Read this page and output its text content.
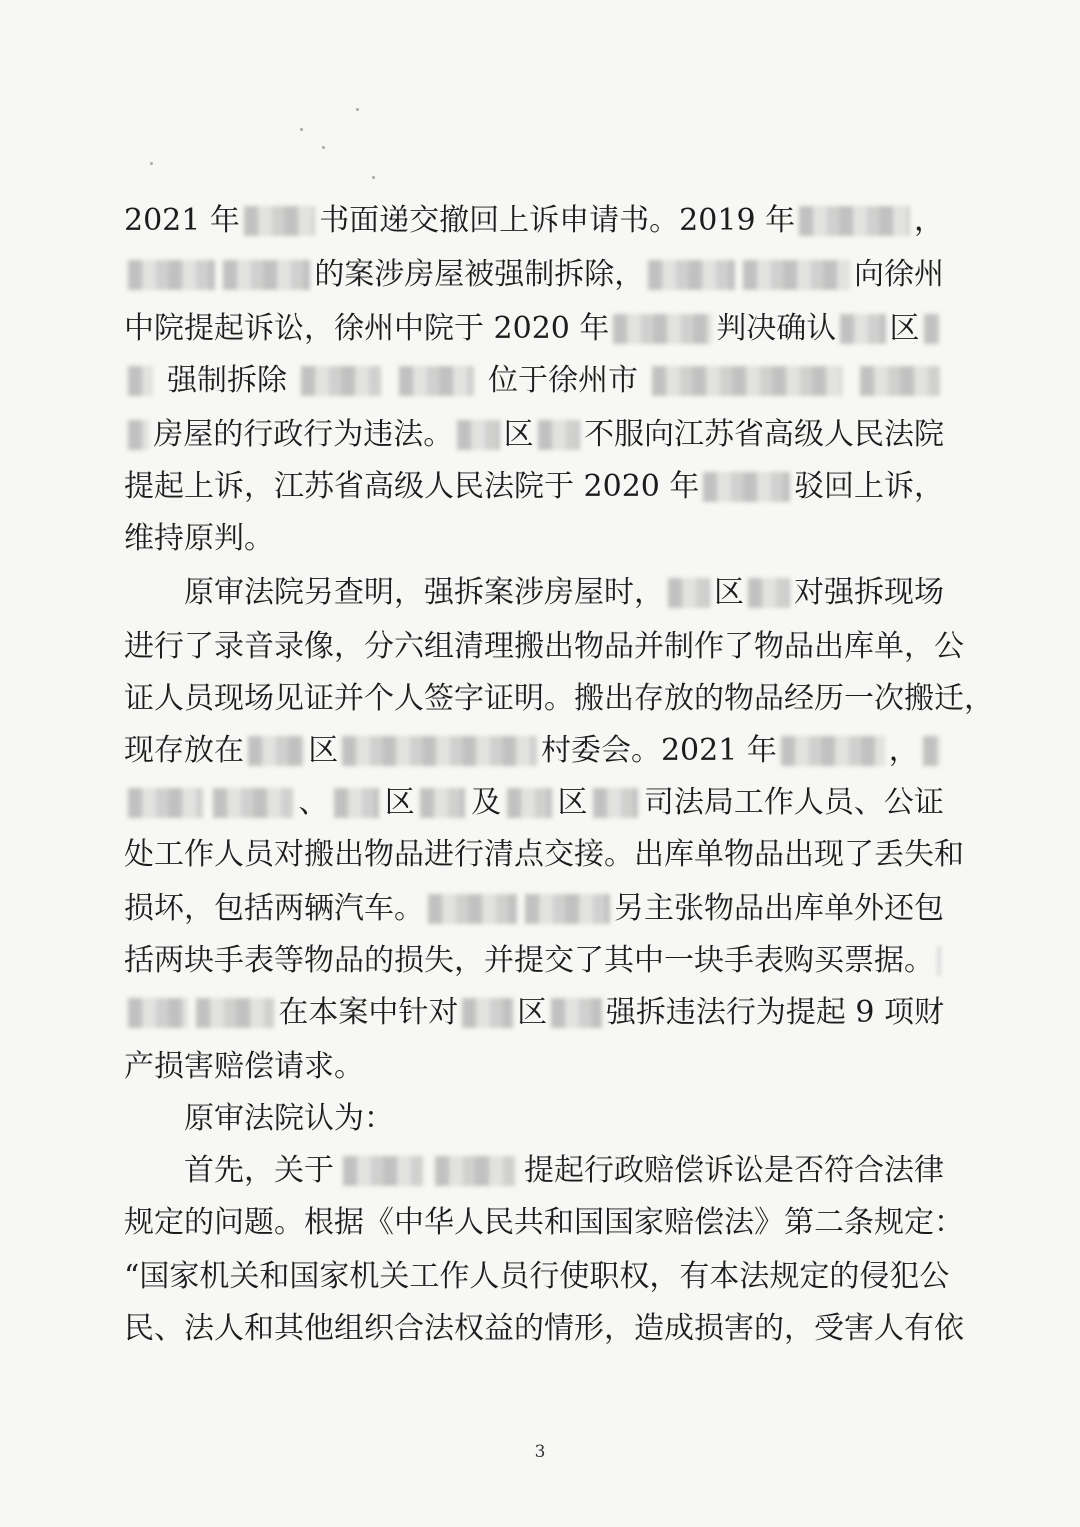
2021 年	书面递交撤回上诉申请书。2019 年	，
的案涉房屋被强制拆除，	向徐州
中院提起诉讼，徐州中院于 2020 年	判决确认 区
强制拆除	位于徐州市
房屋的行政行为违法。 区 不服向江苏省高级人民法院
提起上诉，江苏省高级人民法院于 2020 年	驳回上诉，
维持原判。
　　原审法院另查明，强拆案涉房屋时， 区 对强拆现场
进行了录音录像，分六组清理搬出物品并制作了物品出库单，公
证人员现场见证并个人签字证明。搬出存放的物品经历一次搬迁，
现存放在 区	村委会。2021 年	，
、 区 及 区 司法局工作人员、公证
处工作人员对搬出物品进行清点交接。出库单物品出现了丢失和
损坏，包括两辆汽车。	另主张物品出库单外还包
括两块手表等物品的损失，并提交了其中一块手表购买票据。
在本案中针对 区 强拆违法行为提起 9 项财
产损害赔偿请求。
　　原审法院认为：
　　首先，关于	提起行政赔偿诉讼是否符合法律
规定的问题。根据《中华人民共和国国家赔偿法》第二条规定：
“国家机关和国家机关工作人员行使职权，有本法规定的侵犯公
民、法人和其他组织合法权益的情形，造成损害的，受害人有依
3
